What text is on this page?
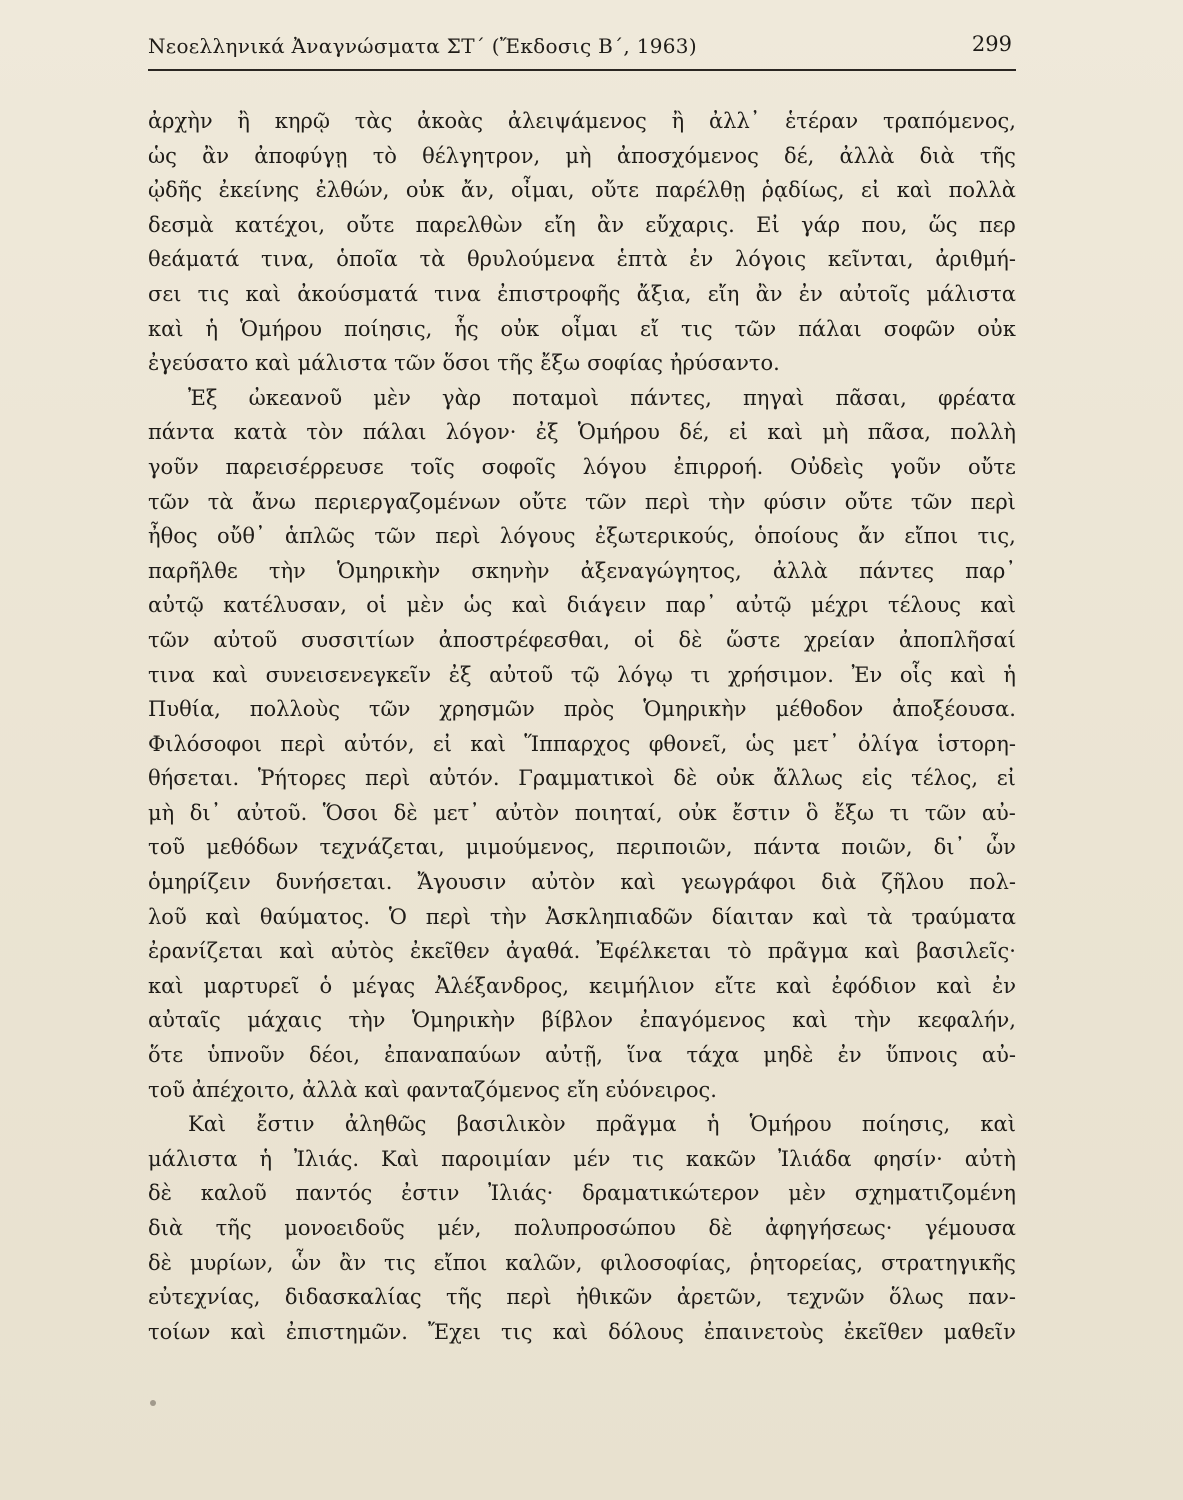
Νεοελληνικά Ἀναγνώσματα ΣΤ΄ (Ἔκδοσις Β΄, 1963)	299
ἀρχὴν ἢ κηρῷ τὰς ἀκοὰς ἀλειψάμενος ἢ ἀλλ᾽ ἑτέραν τραπόμενος,
ὡς ἂν ἀποφύγῃ τὸ θέλγητρον, μὴ ἀποσχόμενος δέ, ἀλλὰ διὰ τῆς
ᾠδῆς ἐκείνης ἐλθών, οὐκ ἄν, οἶμαι, οὔτε παρέλθῃ ῥᾳδίως, εἰ καὶ πολλὰ
δεσμὰ κατέχοι, οὔτε παρελθὼν εἴη ἂν εὔχαρις. Εἰ γάρ που, ὥς περ
θεάματά τινα, ὁποῖα τὰ θρυλούμενα ἑπτὰ ἐν λόγοις κεῖνται, ἀριθμή-
σει τις καὶ ἀκούσματά τινα ἐπιστροφῆς ἄξια, εἴη ἂν ἐν αὐτοῖς μάλιστα
καὶ ἡ Ὁμήρου ποίησις, ἧς οὐκ οἶμαι εἴ τις τῶν πάλαι σοφῶν οὐκ
ἐγεύσατο καὶ μάλιστα τῶν ὅσοι τῆς ἔξω σοφίας ἠρύσαντο.
Ἐξ ὠκεανοῦ μὲν γὰρ ποταμοὶ πάντες, πηγαὶ πᾶσαι, φρέατα
πάντα κατὰ τὸν πάλαι λόγον· ἐξ Ὁμήρου δέ, εἰ καὶ μὴ πᾶσα, πολλὴ
γοῦν παρεισέρρευσε τοῖς σοφοῖς λόγου ἐπιρροή. Οὐδεὶς γοῦν οὔτε
τῶν τὰ ἄνω περιεργαζομένων οὔτε τῶν περὶ τὴν φύσιν οὔτε τῶν περὶ
ἦθος οὔθ᾽ ἁπλῶς τῶν περὶ λόγους ἐξωτερικούς, ὁποίους ἄν εἴποι τις,
παρῆλθε τὴν Ὁμηρικὴν σκηνὴν ἀξεναγώγητος, ἀλλὰ πάντες παρ᾽
αὐτῷ κατέλυσαν, οἱ μὲν ὡς καὶ διάγειν παρ᾽ αὐτῷ μέχρι τέλους καὶ
τῶν αὐτοῦ συσσιτίων ἀποστρέφεσθαι, οἱ δὲ ὥστε χρείαν ἀποπλῆσαί
τινα καὶ συνεισενεγκεῖν ἐξ αὐτοῦ τῷ λόγῳ τι χρήσιμον. Ἐν οἷς καὶ ἡ
Πυθία, πολλοὺς τῶν χρησμῶν πρὸς Ὁμηρικὴν μέθοδον ἀποξέουσα.
Φιλόσοφοι περὶ αὐτόν, εἰ καὶ Ἵππαρχος φθονεῖ, ὡς μετ᾽ ὀλίγα ἱστορη-
θήσεται. Ῥήτορες περὶ αὐτόν. Γραμματικοὶ δὲ οὐκ ἄλλως εἰς τέλος, εἰ
μὴ δι᾽ αὐτοῦ. Ὅσοι δὲ μετ᾽ αὐτὸν ποιηταί, οὐκ ἔστιν ὃ ἔξω τι τῶν αὐ-
τοῦ μεθόδων τεχνάζεται, μιμούμενος, περιποιῶν, πάντα ποιῶν, δι᾽ ὧν
ὁμηρίζειν δυνήσεται. Ἄγουσιν αὐτὸν καὶ γεωγράφοι διὰ ζῆλου πολ-
λοῦ καὶ θαύματος. Ὁ περὶ τὴν Ἀσκληπιαδῶν δίαιταν καὶ τὰ τραύματα
ἐρανίζεται καὶ αὐτὸς ἐκεῖθεν ἀγαθά. Ἐφέλκεται τὸ πρᾶγμα καὶ βασιλεῖς·
καὶ μαρτυρεῖ ὁ μέγας Ἀλέξανδρος, κειμήλιον εἴτε καὶ ἐφόδιον καὶ ἐν
αὐταῖς μάχαις τὴν Ὁμηρικὴν βίβλον ἐπαγόμενος καὶ τὴν κεφαλήν,
ὅτε ὑπνοῦν δέοι, ἐπαναπαύων αὐτῇ, ἵνα τάχα μηδὲ ἐν ὕπνοις αὐ-
τοῦ ἀπέχοιτο, ἀλλὰ καὶ φανταζόμενος εἴη εὐόνειρος.
Καὶ ἔστιν ἀληθῶς βασιλικὸν πρᾶγμα ἡ Ὁμήρου ποίησις, καὶ
μάλιστα ἡ Ἰλιάς. Καὶ παροιμίαν μέν τις κακῶν Ἰλιάδα φησίν· αὐτὴ
δὲ καλοῦ παντός ἐστιν Ἰλιάς· δραματικώτερον μὲν σχηματιζομένη
διὰ τῆς μονοειδοῦς μέν, πολυπροσώπου δὲ ἀφηγήσεως· γέμουσα
δὲ μυρίων, ὧν ἂν τις εἴποι καλῶν, φιλοσοφίας, ῥητορείας, στρατηγικῆς
εὐτεχνίας, διδασκαλίας τῆς περὶ ἠθικῶν ἀρετῶν, τεχνῶν ὅλως παν-
τοίων καὶ ἐπιστημῶν. Ἔχει τις καὶ δόλους ἐπαινετοὺς ἐκεῖθεν μαθεῖν
